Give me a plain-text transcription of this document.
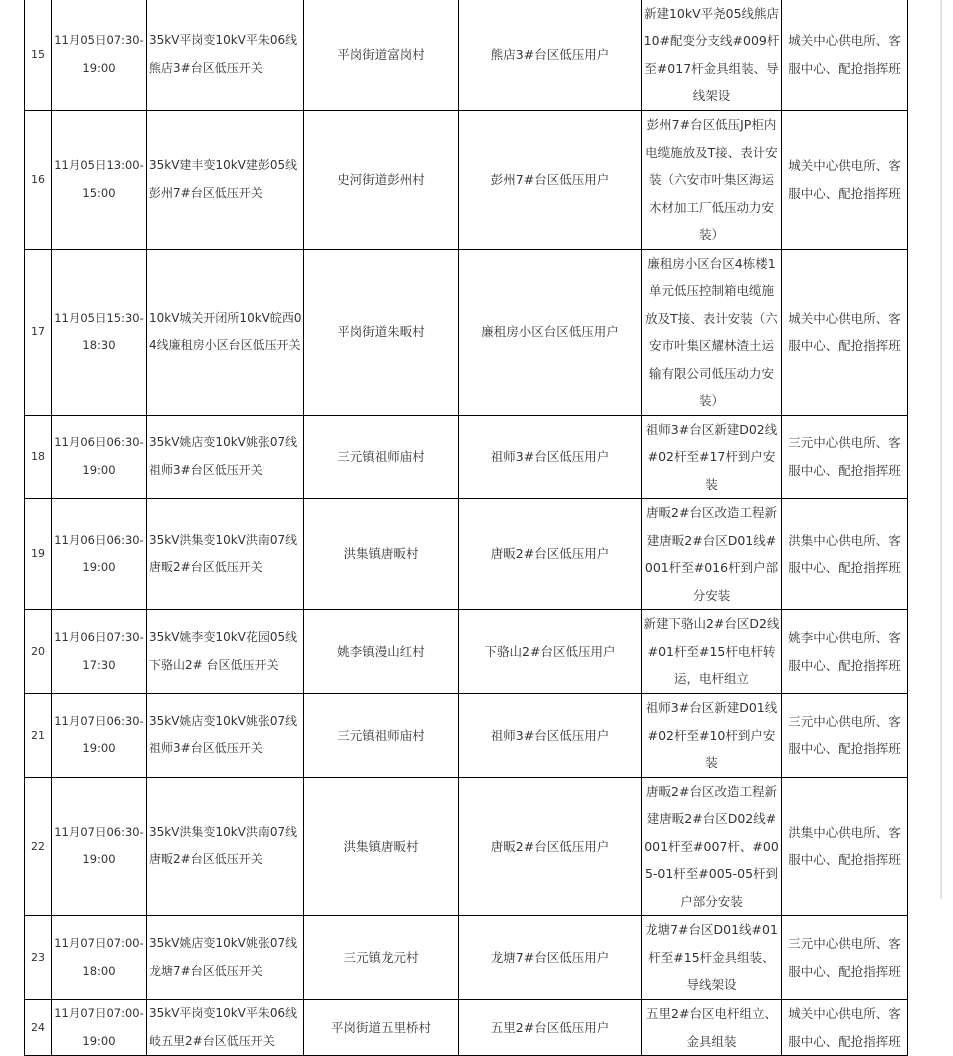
15	11月05日07:30-19:00	35kV平岗变10kV平朱06线熊店3#台区低压开关	平岗街道富岗村	熊店3#台区低压用户	新建10kV平尧05线熊店10#配变分支线#009杆至#017杆金具组装、导线架设	城关中心供电所、客服中心、配抢指挥班
16	11月05日13:00-15:00	35kV建丰变10kV建彭05线彭州7#台区低压开关	史河街道彭州村	彭州7#台区低压用户	彭州7#台区低压JP柜内电缆施放及T接、表计安装（六安市叶集区海运木材加工厂低压动力安装）	城关中心供电所、客服中心、配抢指挥班
17	11月05日15:30-18:30	10kV城关开闭所10kV皖西04线廉租房小区台区低压开关	平岗街道朱畈村	廉租房小区台区低压用户	廉租房小区台区4栋楼1单元低压控制箱电缆施放及T接、表计安装（六安市叶集区耀林渣土运输有限公司低压动力安装）	城关中心供电所、客服中心、配抢指挥班
18	11月06日06:30-19:00	35kV姚店变10kV姚张07线祖师3#台区低压开关	三元镇祖师庙村	祖师3#台区低压用户	祖师3#台区新建D02线#02杆至#17杆到户安装	三元中心供电所、客服中心、配抢指挥班
19	11月06日06:30-19:00	35kV洪集变10kV洪南07线唐畈2#台区低压开关	洪集镇唐畈村	唐畈2#台区低压用户	唐畈2#台区改造工程新建唐畈2#台区D01线#001杆至#016杆到户部分安装	洪集中心供电所、客服中心、配抢指挥班
20	11月06日07:30-17:30	35kV姚李变10kV花园05线下骆山2# 台区低压开关	姚李镇漫山红村	下骆山2#台区低压用户	新建下骆山2#台区D2线#01杆至#15杆电杆转运，电杆组立	姚李中心供电所、客服中心、配抢指挥班
21	11月07日06:30-19:00	35kV姚店变10kV姚张07线祖师3#台区低压开关	三元镇祖师庙村	祖师3#台区低压用户	祖师3#台区新建D01线#02杆至#10杆到户安装	三元中心供电所、客服中心、配抢指挥班
22	11月07日06:30-19:00	35kV洪集变10kV洪南07线唐畈2#台区低压开关	洪集镇唐畈村	唐畈2#台区低压用户	唐畈2#台区改造工程新建唐畈2#台区D02线#001杆至#007杆、#005-01杆至#005-05杆到户部分安装	洪集中心供电所、客服中心、配抢指挥班
23	11月07日07:00-18:00	35kV姚店变10kV姚张07线龙塘7#台区低压开关	三元镇龙元村	龙塘7#台区低压用户	龙塘7#台区D01线#01杆至#15杆金具组装、导线架设	三元中心供电所、客服中心、配抢指挥班
24	11月07日07:00-19:00	35kV平岗变10kV平朱06线岐五里2#台区低压开关	平岗街道五里桥村	五里2#台区低压用户	五里2#台区电杆组立、金具组装	城关中心供电所、客服中心、配抢指挥班
